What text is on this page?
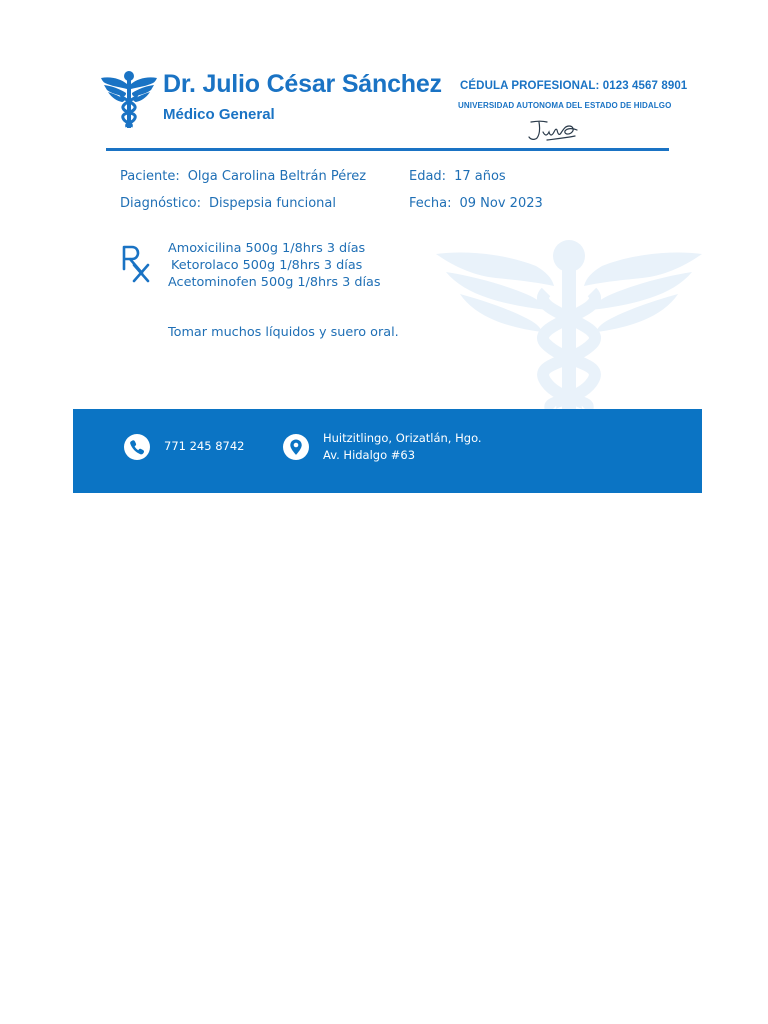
Dr. Julio César Sánchez
Médico General
CÉDULA PROFESIONAL: 0123 4567 8901
UNIVERSIDAD AUTONOMA DEL ESTADO DE HIDALGO
Paciente: Olga Carolina Beltrán Pérez	Edad: 17 años
Diagnóstico: Dispepsia funcional	Fecha: 09 Nov 2023
Amoxicilina 500g 1/8hrs 3 días
Ketorolaco 500g 1/8hrs 3 días
Acetominofen 500g 1/8hrs 3 días
Tomar muchos líquidos y suero oral.
771 245 8742
Huitzitlingo, Orizatlán, Hgo.
Av. Hidalgo #63
